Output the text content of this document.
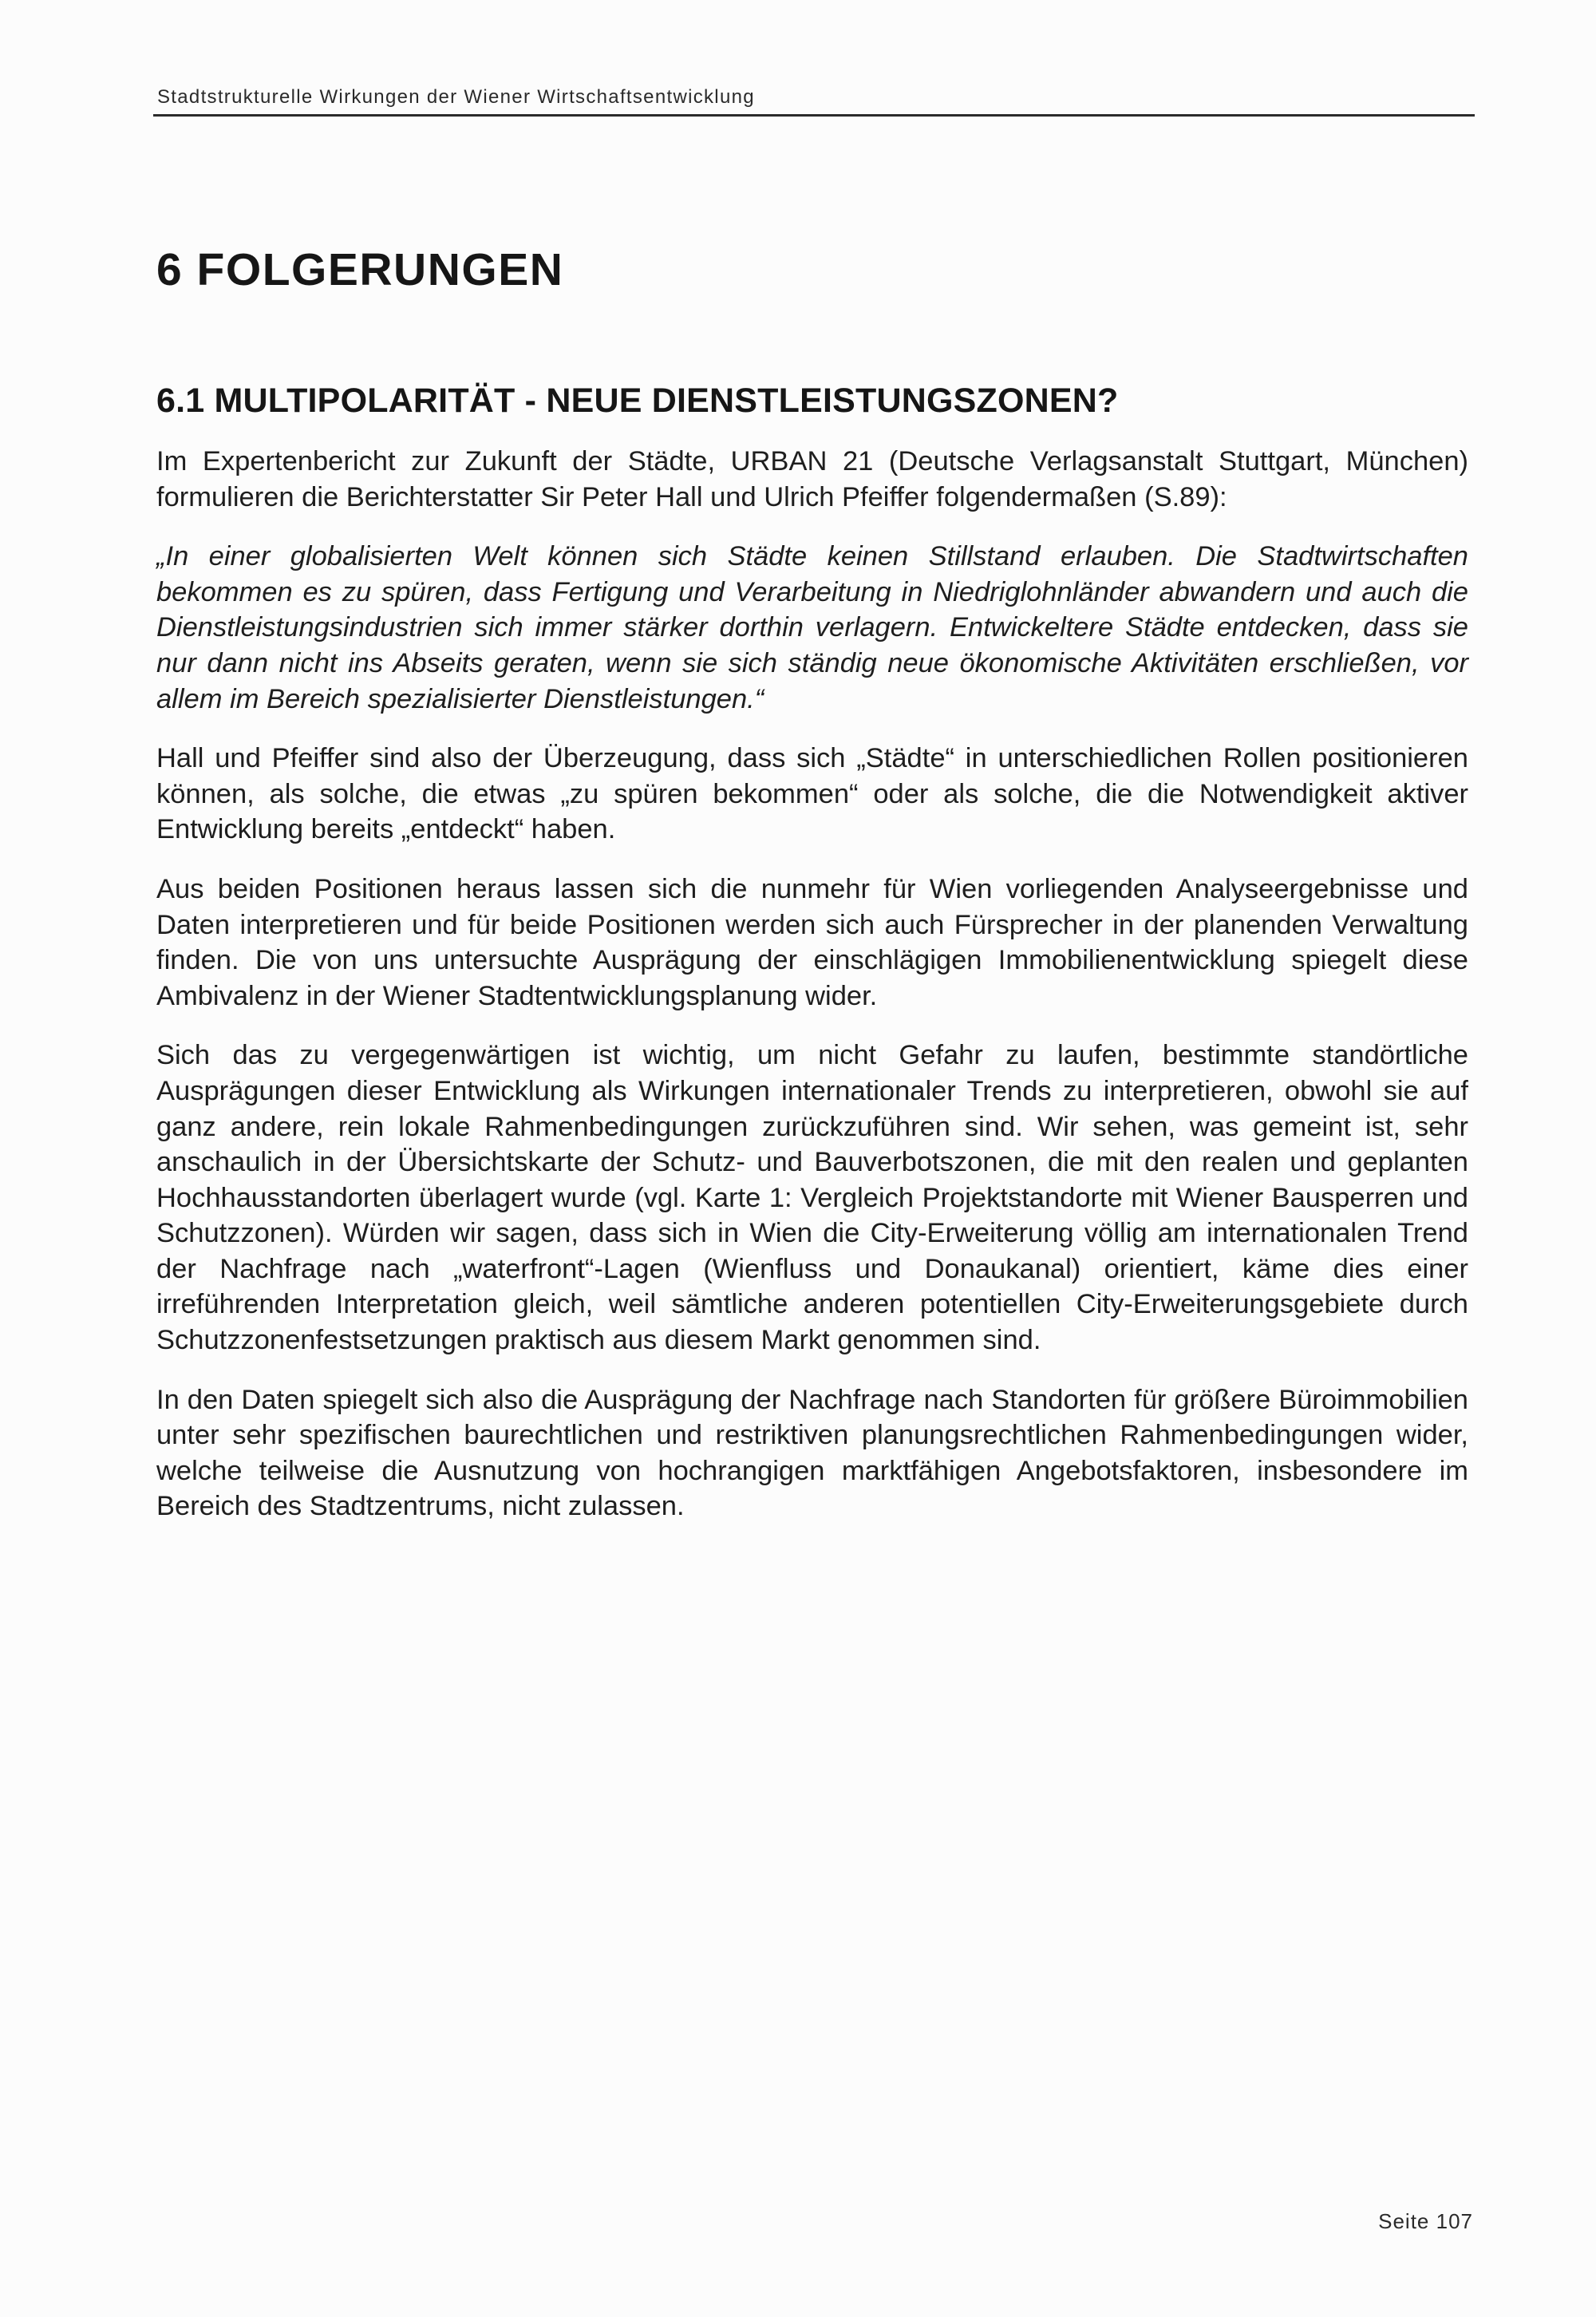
Stadtstrukturelle Wirkungen der Wiener Wirtschaftsentwicklung
6 FOLGERUNGEN
6.1 MULTIPOLARITÄT - NEUE DIENSTLEISTUNGSZONEN?

Im Expertenbericht zur Zukunft der Städte, URBAN 21 (Deutsche Verlagsanstalt Stuttgart, München) formulieren die Berichterstatter Sir Peter Hall und Ulrich Pfeiffer folgendermaßen (S.89):

„In einer globalisierten Welt können sich Städte keinen Stillstand erlauben. Die Stadtwirtschaften bekommen es zu spüren, dass Fertigung und Verarbeitung in Niedriglohnländer abwandern und auch die Dienstleistungsindustrien sich immer stärker dorthin verlagern. Entwickeltere Städte entdecken, dass sie nur dann nicht ins Abseits geraten, wenn sie sich ständig neue ökonomische Aktivitäten erschließen, vor allem im Bereich spezialisierter Dienstleistungen.“

Hall und Pfeiffer sind also der Überzeugung, dass sich „Städte“ in unterschiedlichen Rollen positionieren können, als solche, die etwas „zu spüren bekommen“ oder als solche, die die Notwendigkeit aktiver Entwicklung bereits „entdeckt“ haben.

Aus beiden Positionen heraus lassen sich die nunmehr für Wien vorliegenden Analyseergebnisse und Daten interpretieren und für beide Positionen werden sich auch Fürsprecher in der planenden Verwaltung finden. Die von uns untersuchte Ausprägung der einschlägigen Immobilienentwicklung spiegelt diese Ambivalenz in der Wiener Stadtentwicklungsplanung wider.

Sich das zu vergegenwärtigen ist wichtig, um nicht Gefahr zu laufen, bestimmte standörtliche Ausprägungen dieser Entwicklung als Wirkungen internationaler Trends zu interpretieren, obwohl sie auf ganz andere, rein lokale Rahmenbedingungen zurückzuführen sind. Wir sehen, was gemeint ist, sehr anschaulich in der Übersichtskarte der Schutz- und Bauverbotszonen, die mit den realen und geplanten Hochhausstandorten überlagert wurde (vgl. Karte 1: Vergleich Projektstandorte mit Wiener Bausperren und Schutzzonen). Würden wir sagen, dass sich in Wien die City-Erweiterung völlig am internationalen Trend der Nachfrage nach „waterfront“-Lagen (Wienfluss und Donaukanal) orientiert, käme dies einer irreführenden Interpretation gleich, weil sämtliche anderen potentiellen City-Erweiterungsgebiete durch Schutzzonenfestsetzungen praktisch aus diesem Markt genommen sind.

In den Daten spiegelt sich also die Ausprägung der Nachfrage nach Standorten für größere Büroimmobilien unter sehr spezifischen baurechtlichen und restriktiven planungsrechtlichen Rahmenbedingungen wider, welche teilweise die Ausnutzung von hochrangigen marktfähigen Angebotsfaktoren, insbesondere im Bereich des Stadtzentrums, nicht zulassen.

Seite 107
